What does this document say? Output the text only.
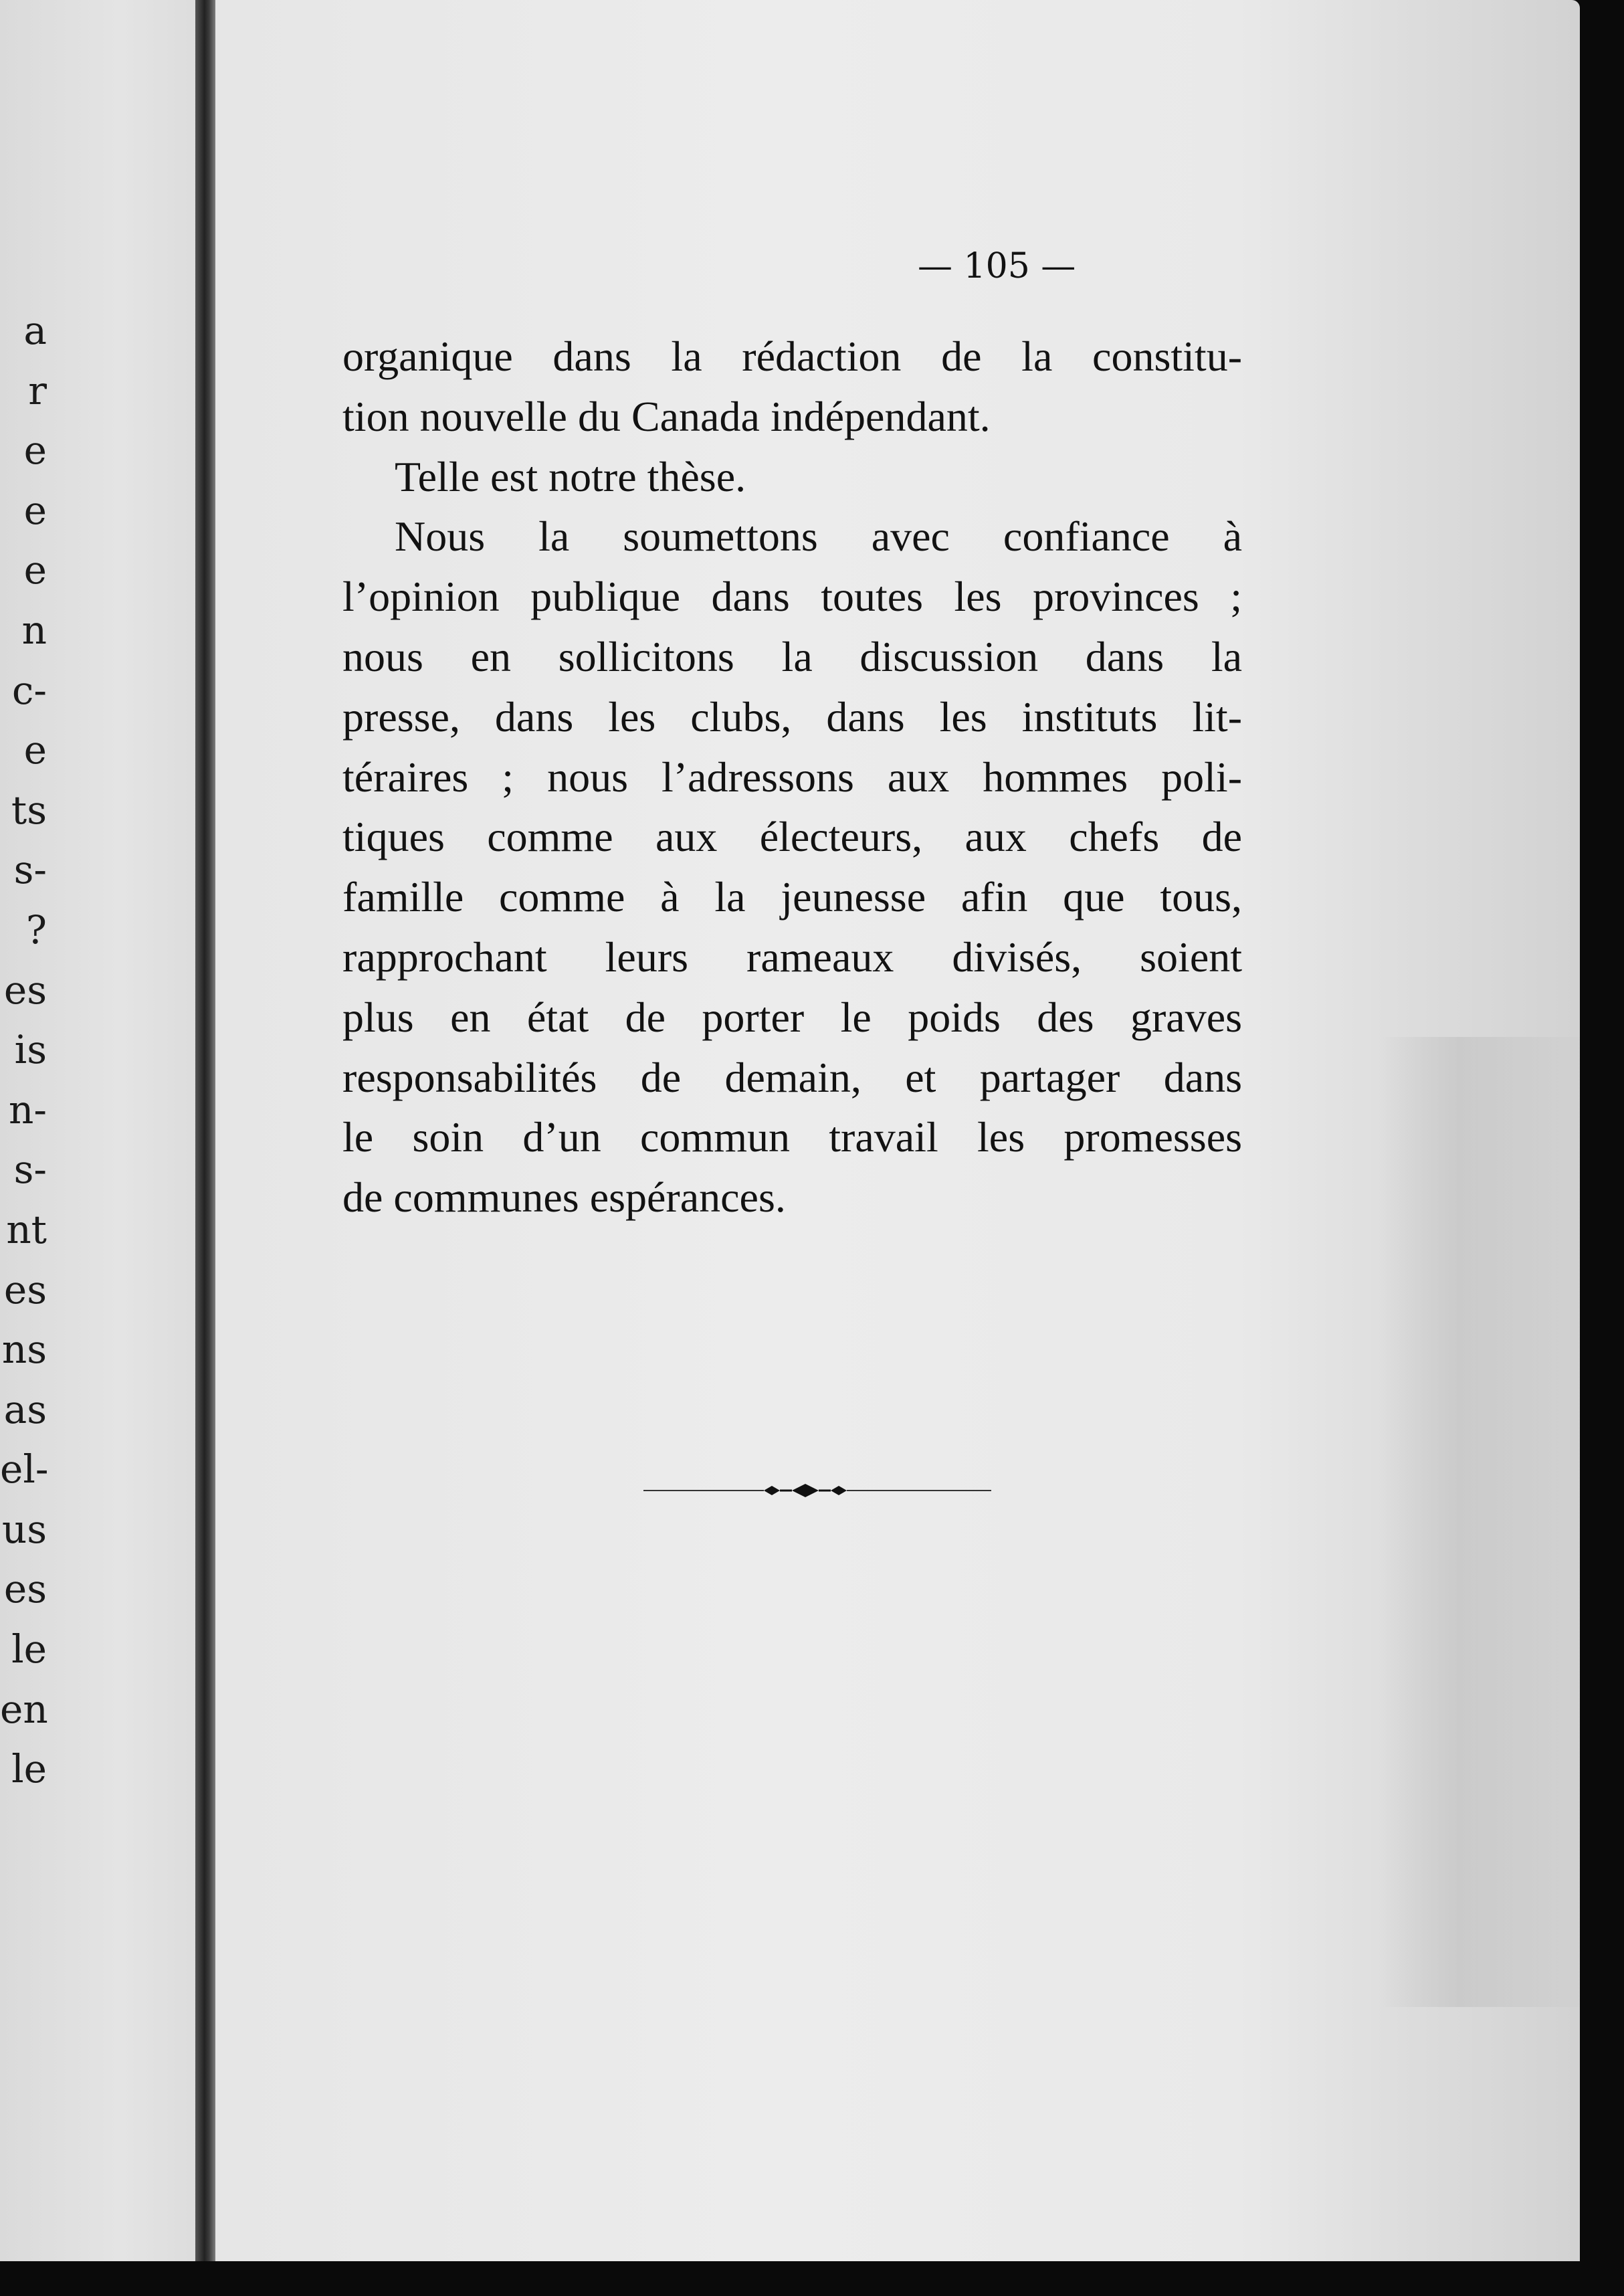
a
r
e
e
e
n
c-
e
ts
s-
?
es
is
n-
s-
nt
es
ns
as
el-
us
es
le
en
le
— 105 —
organique dans la rédaction de la constitu-
tion nouvelle du Canada indépendant.
Telle est notre thèse.
Nous la soumettons avec confiance à
l’opinion publique dans toutes les provinces ;
nous en sollicitons la discussion dans la
presse, dans les clubs, dans les instituts lit-
téraires ; nous l’adressons aux hommes poli-
tiques comme aux électeurs, aux chefs de
famille comme à la jeunesse afin que tous,
rapprochant leurs rameaux divisés, soient
plus en état de porter le poids des graves
responsabilités de demain, et partager dans
le soin d’un commun travail les promesses
de communes espérances.
